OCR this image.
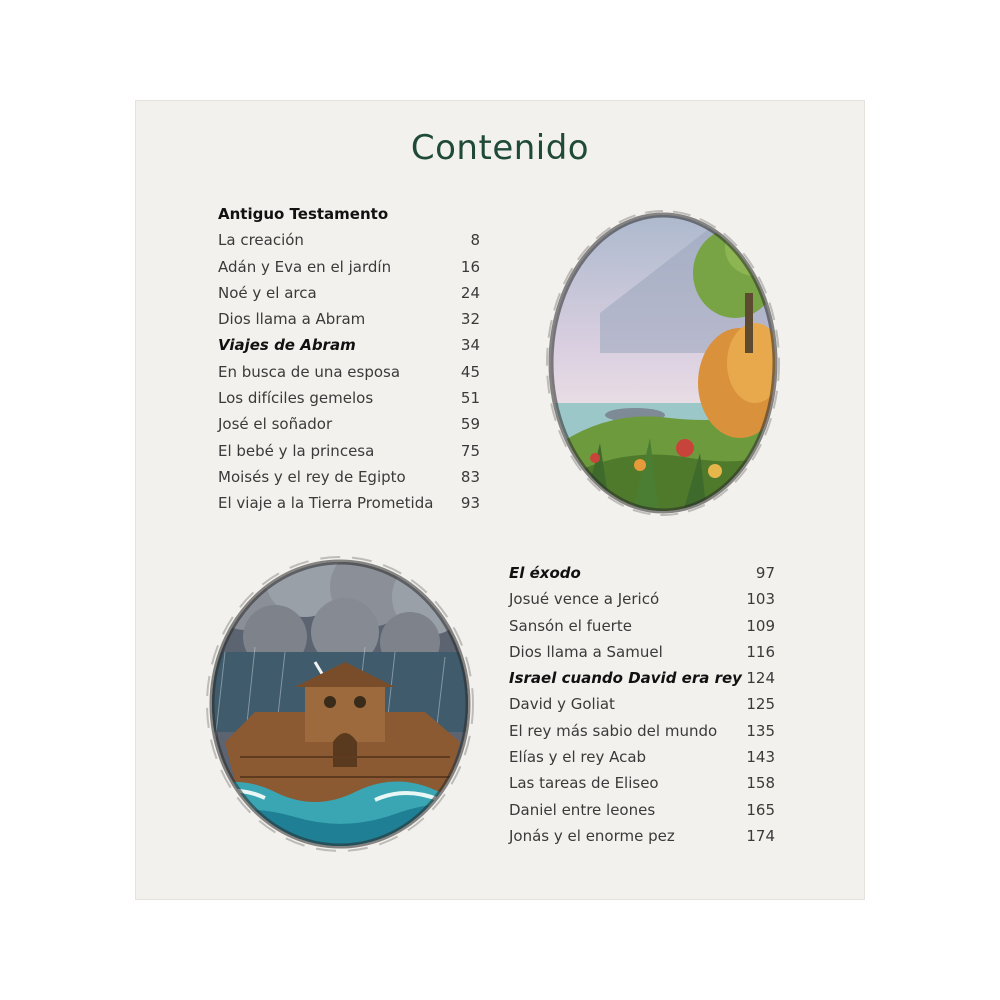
Contenido
Antiguo Testamento
La creación	8
Adán y Eva en el jardín	16
Noé y el arca	24
Dios llama a Abram	32
Viajes de Abram	34
En busca de una esposa	45
Los difíciles gemelos	51
José el soñador	59
El bebé y la princesa	75
Moisés y el rey de Egipto	83
El viaje a la Tierra Prometida 93
El éxodo	97
Josué vence a Jericó	103
Sansón el fuerte	109
Dios llama a Samuel	116
Israel cuando David era rey 124
David y Goliat	125
El rey más sabio del mundo 135
Elías y el rey Acab	143
Las tareas de Eliseo	158
Daniel entre leones	165
Jonás y el enorme pez	174
